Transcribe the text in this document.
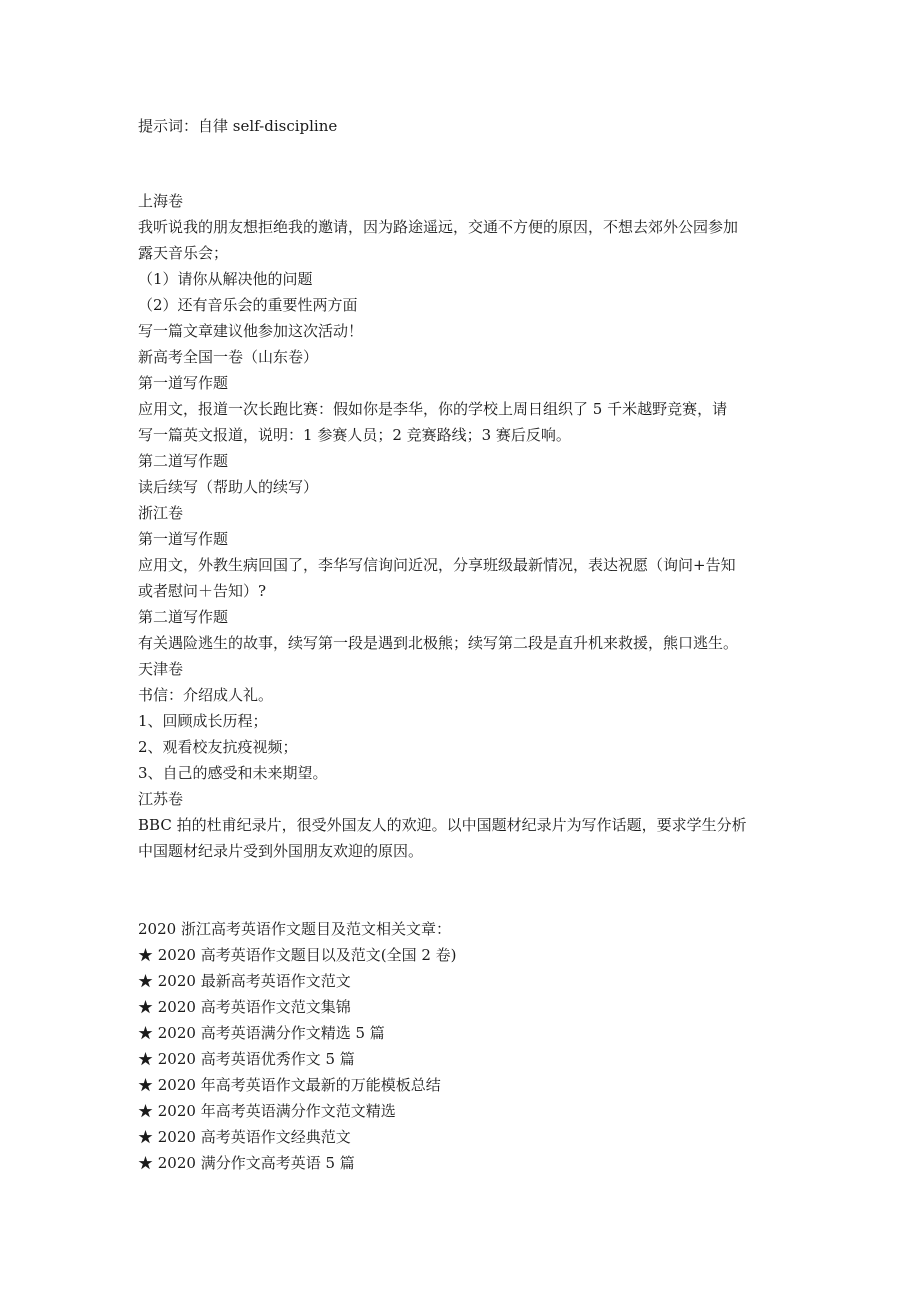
提示词：自律 self-discipline
上海卷
我听说我的朋友想拒绝我的邀请，因为路途遥远，交通不方便的原因，不想去郊外公园参加
露天音乐会；
（1）请你从解决他的问题
（2）还有音乐会的重要性两方面
写一篇文章建议他参加这次活动！
新高考全国一卷（山东卷）
第一道写作题
应用文，报道一次长跑比赛：假如你是李华，你的学校上周日组织了 5 千米越野竞赛，请
写一篇英文报道，说明：1 参赛人员；2 竞赛路线；3 赛后反响。
第二道写作题
读后续写（帮助人的续写）
浙江卷
第一道写作题
应用文，外教生病回国了，李华写信询问近况，分享班级最新情况，表达祝愿（询问+告知
或者慰问＋告知）?
第二道写作题
有关遇险逃生的故事，续写第一段是遇到北极熊；续写第二段是直升机来救援，熊口逃生。
天津卷
书信：介绍成人礼。
1、回顾成长历程；
2、观看校友抗疫视频；
3、自己的感受和未来期望。
江苏卷
BBC 拍的杜甫纪录片，很受外国友人的欢迎。以中国题材纪录片为写作话题，要求学生分析
中国题材纪录片受到外国朋友欢迎的原因。
2020 浙江高考英语作文题目及范文相关文章：
★ 2020 高考英语作文题目以及范文(全国 2 卷)
★ 2020 最新高考英语作文范文
★ 2020 高考英语作文范文集锦
★ 2020 高考英语满分作文精选 5 篇
★ 2020 高考英语优秀作文 5 篇
★ 2020 年高考英语作文最新的万能模板总结
★ 2020 年高考英语满分作文范文精选
★ 2020 高考英语作文经典范文
★ 2020 满分作文高考英语 5 篇
